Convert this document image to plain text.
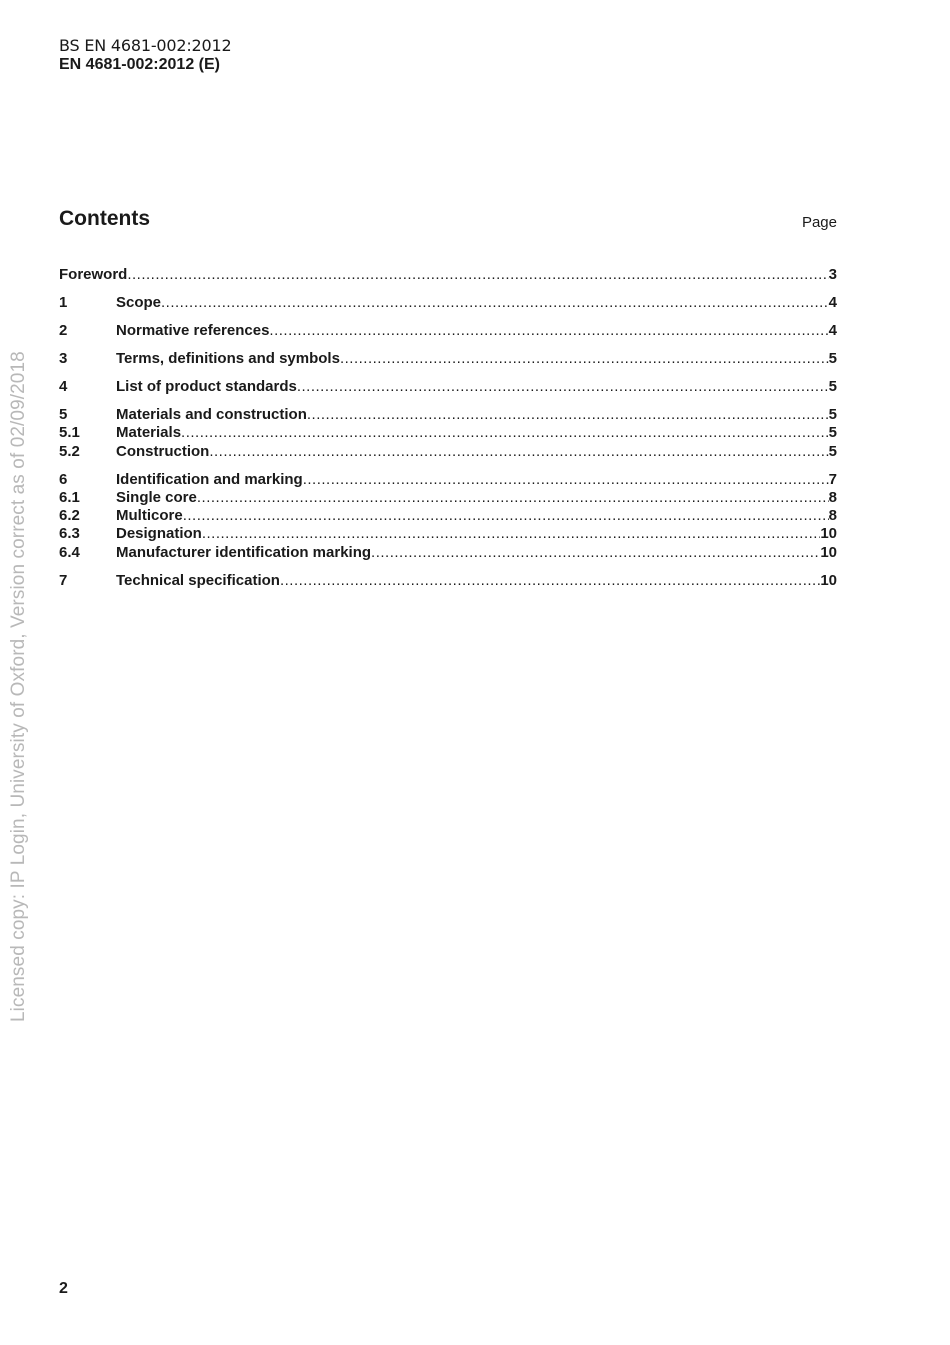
BS EN 4681-002:2012
EN 4681-002:2012 (E)
Contents	Page
Foreword .....	3
1	Scope .....	4
2	Normative references .....	4
3	Terms, definitions and symbols .....	5
4	List of product standards .....	5
5	Materials and construction .....	5
5.1	Materials .....	5
5.2	Construction .....	5
6	Identification and marking .....	7
6.1	Single core .....	8
6.2	Multicore .....	8
6.3	Designation .....	10
6.4	Manufacturer identification marking .....	10
7	Technical specification .....	10
Licensed copy: IP Login, University of Oxford, Version correct as of 02/09/2018
2
